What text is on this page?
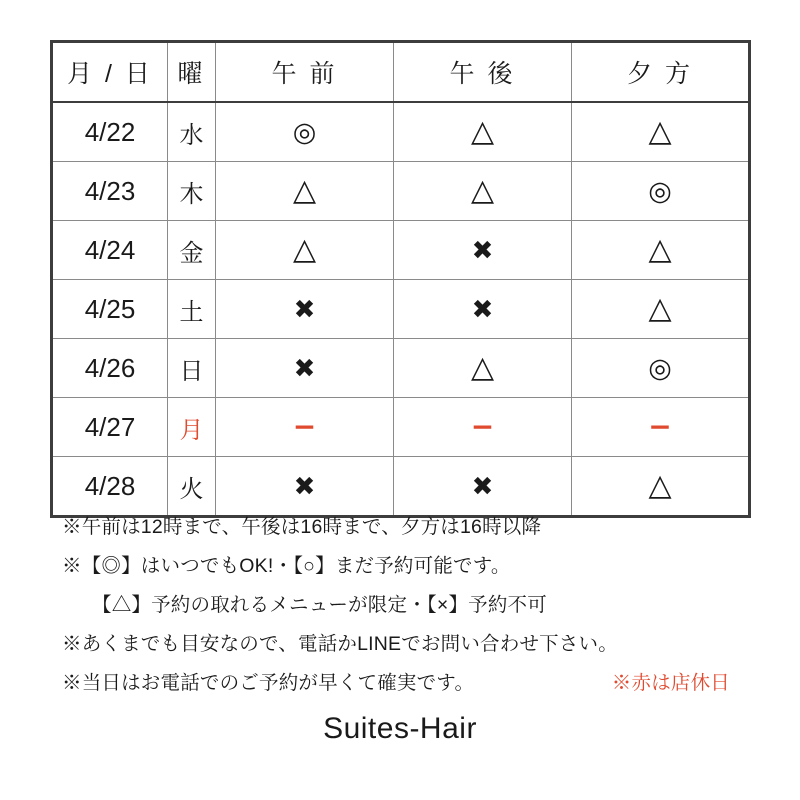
月 / 日	曜	午 前	午 後	夕 方
4/22	水	◎	△	△
4/23	木	△	△	◎
4/24	金	△	✖	△
4/25	土	✖	✖	△
4/26	日	✖	△	◎
4/27	月	−	−	−
4/28	火	✖	✖	△
※午前は12時まで、午後は16時まで、夕方は16時以降
※【◎】はいつでもOK!・【○】まだ予約可能です。
【△】予約の取れるメニューが限定・【×】予約不可
※あくまでも目安なので、電話かLINEでお問い合わせ下さい。
※当日はお電話でのご予約が早くて確実です。	※赤は店休日
Suites-Hair
